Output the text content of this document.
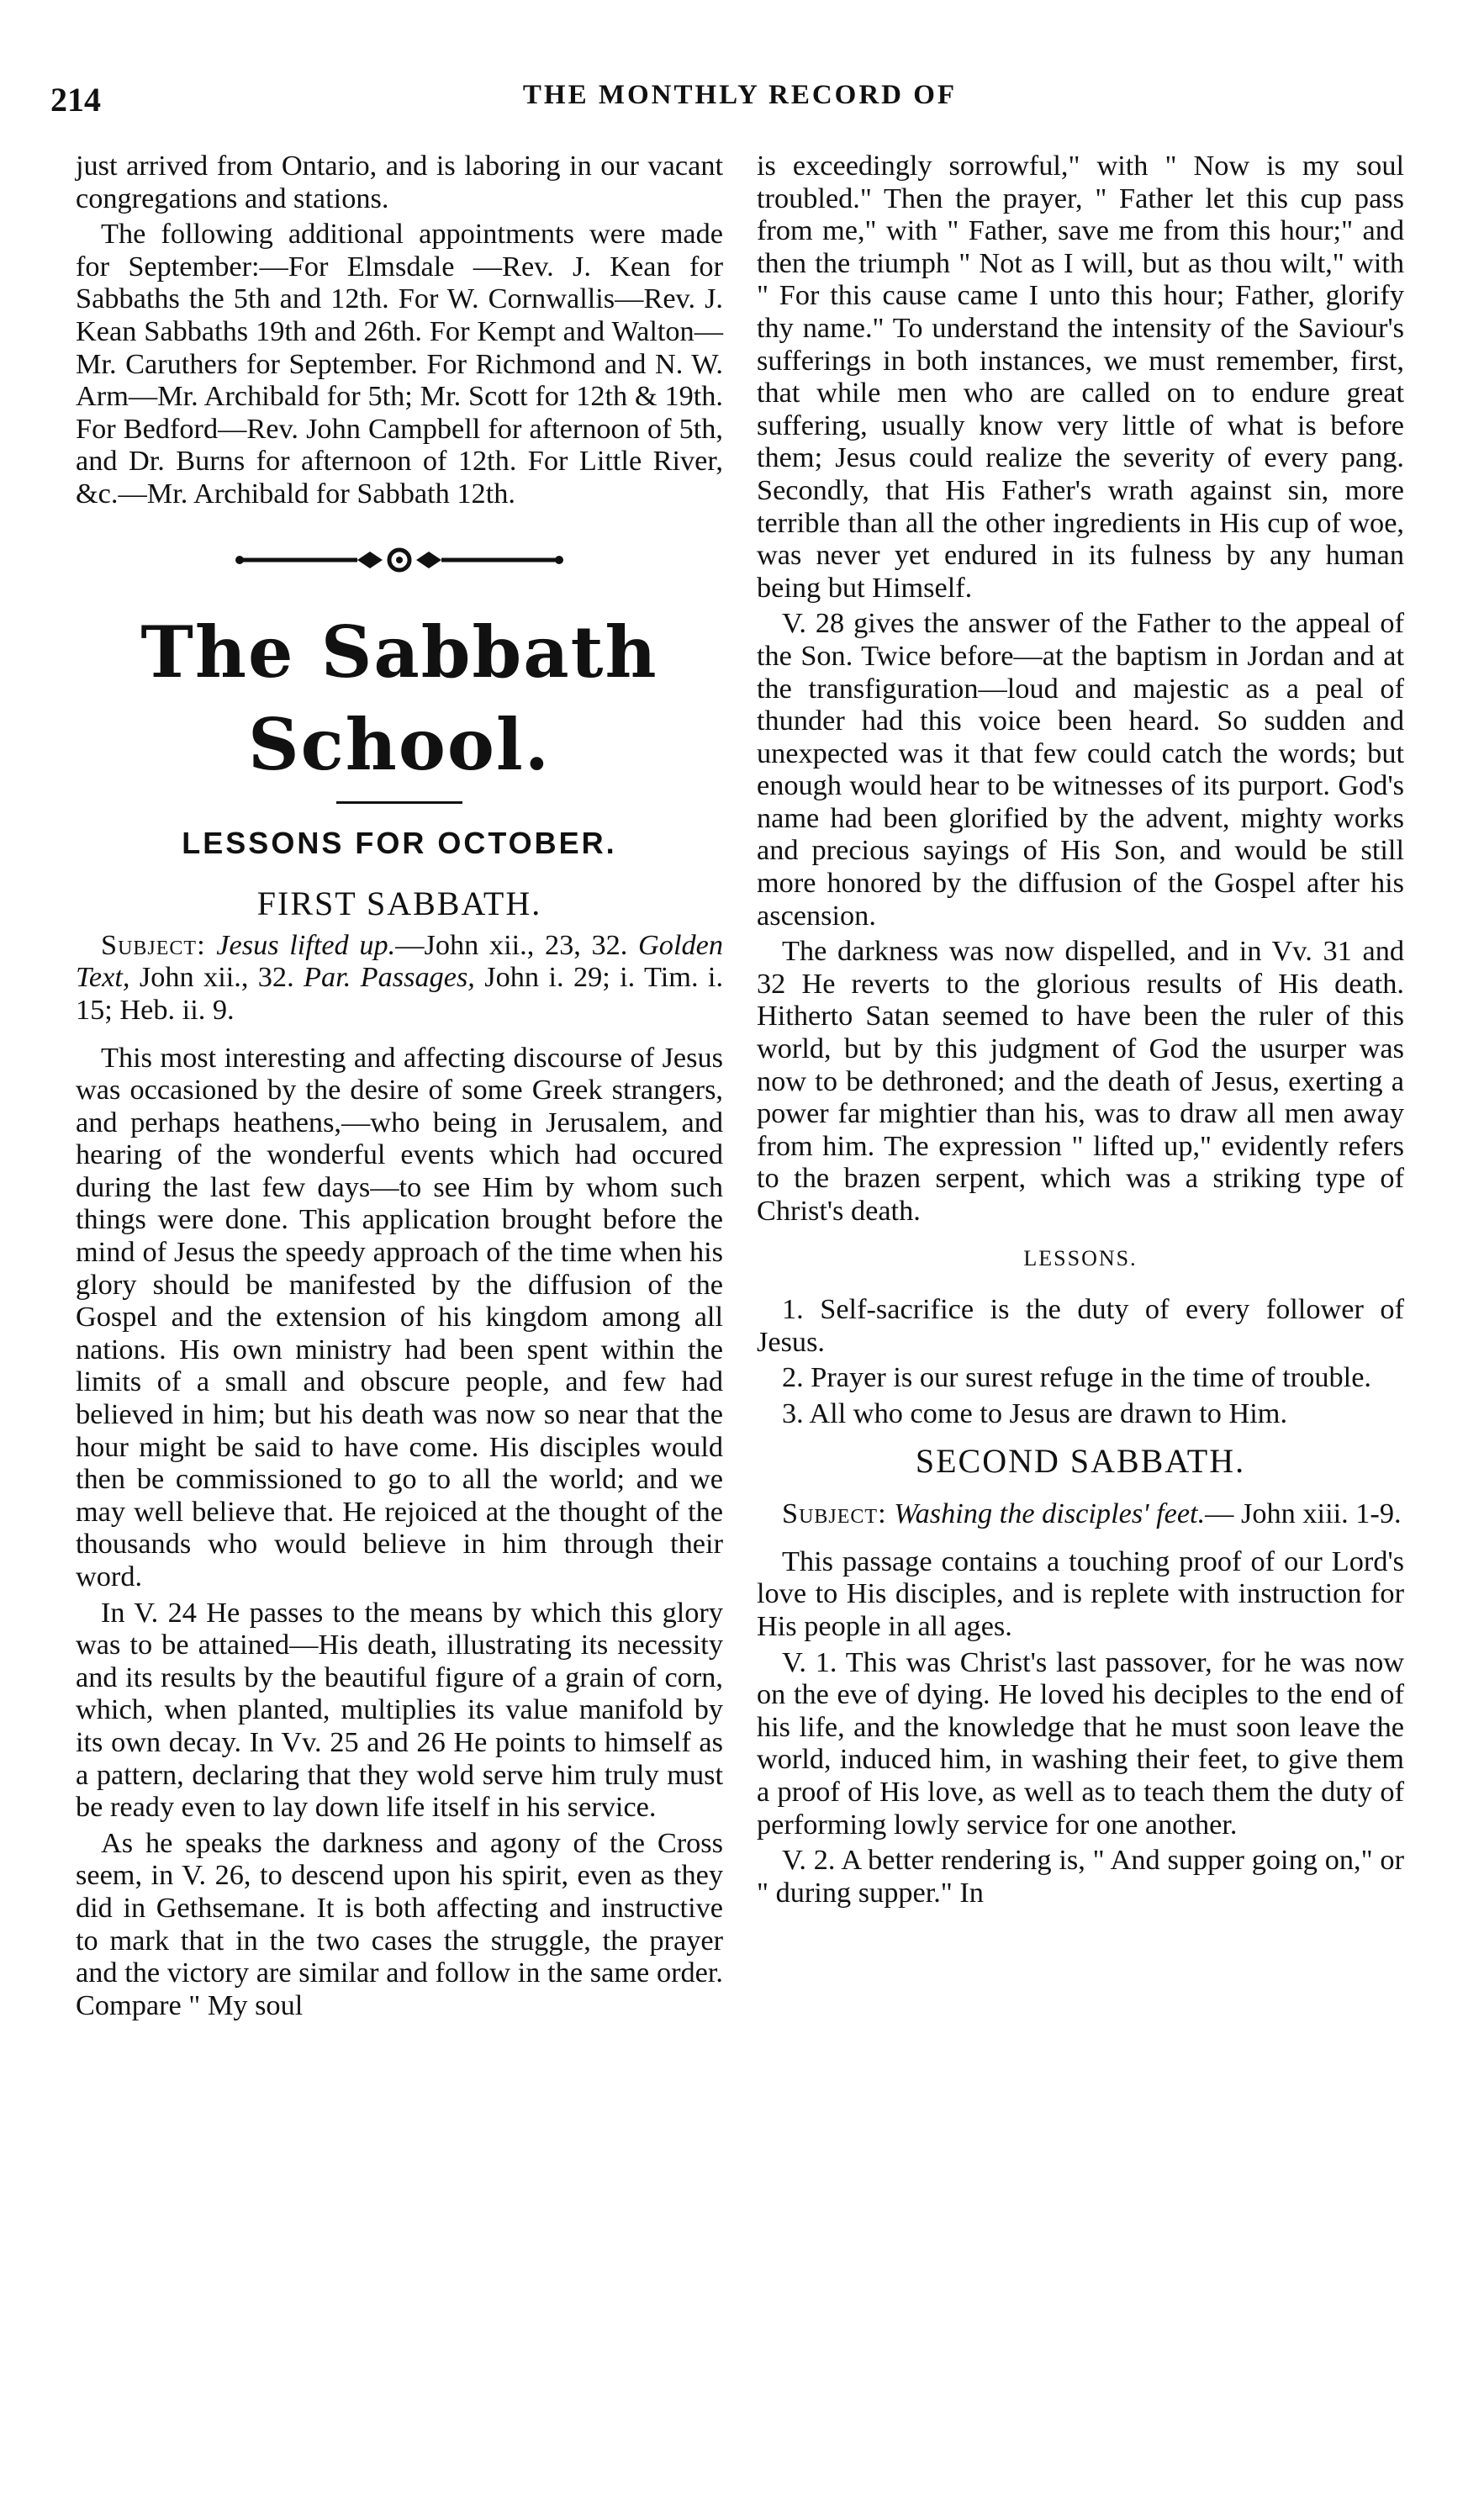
THE MONTHLY RECORD OF
214

just arrived from Ontario, and is laboring in our vacant congregations and stations.

The following additional appointments were made for September:—For Elmsdale —Rev. J. Kean for Sabbaths the 5th and 12th. For W. Cornwallis—Rev. J. Kean Sabbaths 19th and 26th. For Kempt and Walton—Mr. Caruthers for September. For Richmond and N. W. Arm—Mr. Archibald for 5th; Mr. Scott for 12th & 19th. For Bedford—Rev. John Campbell for afternoon of 5th, and Dr. Burns for afternoon of 12th. For Little River, &c.—Mr. Archibald for Sabbath 12th.

The Sabbath School.
LESSONS FOR OCTOBER.
FIRST SABBATH.

Subject: Jesus lifted up.—John xii., 23, 32. Golden Text, John xii., 32. Par. Passages, John i. 29; i. Tim. i. 15; Heb. ii. 9.

This most interesting and affecting discourse of Jesus was occasioned by the desire of some Greek strangers, and perhaps heathens,—who being in Jerusalem, and hearing of the wonderful events which had occured during the last few days—to see Him by whom such things were done. This application brought before the mind of Jesus the speedy approach of the time when his glory should be manifested by the diffusion of the Gospel and the extension of his kingdom among all nations. His own ministry had been spent within the limits of a small and obscure people, and few had believed in him; but his death was now so near that the hour might be said to have come. His disciples would then be commissioned to go to all the world; and we may well believe that. He rejoiced at the thought of the thousands who would believe in him through their word.

In V. 24 He passes to the means by which this glory was to be attained—His death, illustrating its necessity and its results by the beautiful figure of a grain of corn, which, when planted, multiplies its value manifold by its own decay. In Vv. 25 and 26 He points to himself as a pattern, declaring that they wold serve him truly must be ready even to lay down life itself in his service.

As he speaks the darkness and agony of the Cross seem, in V. 26, to descend upon his spirit, even as they did in Gethsemane. It is both affecting and instructive to mark that in the two cases the struggle, the prayer and the victory are similar and follow in the same order. Compare " My soul

is exceedingly sorrowful," with " Now is my soul troubled." Then the prayer, " Father let this cup pass from me," with " Father, save me from this hour;" and then the triumph " Not as I will, but as thou wilt," with " For this cause came I unto this hour; Father, glorify thy name." To understand the intensity of the Saviour's sufferings in both instances, we must remember, first, that while men who are called on to endure great suffering, usually know very little of what is before them; Jesus could realize the severity of every pang. Secondly, that His Father's wrath against sin, more terrible than all the other ingredients in His cup of woe, was never yet endured in its fulness by any human being but Himself.

V. 28 gives the answer of the Father to the appeal of the Son. Twice before—at the baptism in Jordan and at the transfiguration—loud and majestic as a peal of thunder had this voice been heard. So sudden and unexpected was it that few could catch the words; but enough would hear to be witnesses of its purport. God's name had been glorified by the advent, mighty works and precious sayings of His Son, and would be still more honored by the diffusion of the Gospel after his ascension.

The darkness was now dispelled, and in Vv. 31 and 32 He reverts to the glorious results of His death. Hitherto Satan seemed to have been the ruler of this world, but by this judgment of God the usurper was now to be dethroned; and the death of Jesus, exerting a power far mightier than his, was to draw all men away from him. The expression " lifted up," evidently refers to the brazen serpent, which was a striking type of Christ's death.

LESSONS.

1. Self-sacrifice is the duty of every follower of Jesus.

2. Prayer is our surest refuge in the time of trouble.

3. All who come to Jesus are drawn to Him.

SECOND SABBATH.

Subject: Washing the disciples' feet.— John xiii. 1-9.

This passage contains a touching proof of our Lord's love to His disciples, and is replete with instruction for His people in all ages.

V. 1. This was Christ's last passover, for he was now on the eve of dying. He loved his deciples to the end of his life, and the knowledge that he must soon leave the world, induced him, in washing their feet, to give them a proof of His love, as well as to teach them the duty of performing lowly service for one another.

V. 2. A better rendering is, " And supper going on," or " during supper." In
